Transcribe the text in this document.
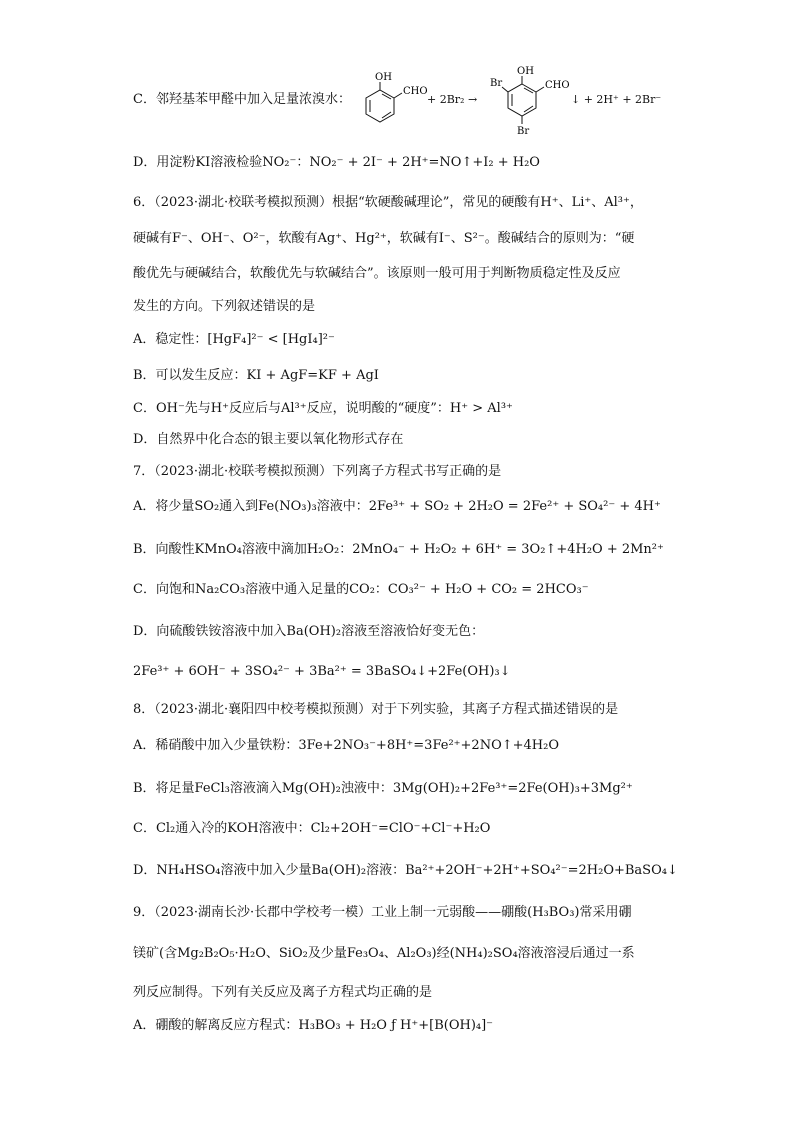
C．邻羟基苯甲醛中加入足量浓溴水：
OH
CHO
+ 2Br₂ →
OH
CHO
Br
Br
↓ + 2H⁺ + 2Br⁻
D．用淀粉KI溶液检验NO₂⁻：NO₂⁻ + 2I⁻ + 2H⁺=NO↑+I₂ + H₂O
6．（2023·湖北·校联考模拟预测）根据“软硬酸碱理论”，常见的硬酸有H⁺、Li⁺、Al³⁺，
硬碱有F⁻、OH⁻、O²⁻，软酸有Ag⁺、Hg²⁺，软碱有I⁻、S²⁻。酸碱结合的原则为：“硬
酸优先与硬碱结合，软酸优先与软碱结合”。该原则一般可用于判断物质稳定性及反应
发生的方向。下列叙述错误的是
A．稳定性：[HgF₄]²⁻ < [HgI₄]²⁻
B．可以发生反应：KI + AgF=KF + AgI
C．OH⁻先与H⁺反应后与Al³⁺反应，说明酸的“硬度”：H⁺ > Al³⁺
D．自然界中化合态的银主要以氧化物形式存在
7．（2023·湖北·校联考模拟预测）下列离子方程式书写正确的是
A．将少量SO₂通入到Fe(NO₃)₃溶液中：2Fe³⁺ + SO₂ + 2H₂O = 2Fe²⁺ + SO₄²⁻ + 4H⁺
B．向酸性KMnO₄溶液中滴加H₂O₂：2MnO₄⁻ + H₂O₂ + 6H⁺ = 3O₂↑+4H₂O + 2Mn²⁺
C．向饱和Na₂CO₃溶液中通入足量的CO₂：CO₃²⁻ + H₂O + CO₂ = 2HCO₃⁻
D．向硫酸铁铵溶液中加入Ba(OH)₂溶液至溶液恰好变无色：
2Fe³⁺ + 6OH⁻ + 3SO₄²⁻ + 3Ba²⁺ = 3BaSO₄↓+2Fe(OH)₃↓
8．（2023·湖北·襄阳四中校考模拟预测）对于下列实验，其离子方程式描述错误的是
A．稀硝酸中加入少量铁粉：3Fe+2NO₃⁻+8H⁺=3Fe²⁺+2NO↑+4H₂O
B．将足量FeCl₃溶液滴入Mg(OH)₂浊液中：3Mg(OH)₂+2Fe³⁺=2Fe(OH)₃+3Mg²⁺
C．Cl₂通入冷的KOH溶液中：Cl₂+2OH⁻=ClO⁻+Cl⁻+H₂O
D．NH₄HSO₄溶液中加入少量Ba(OH)₂溶液：Ba²⁺+2OH⁻+2H⁺+SO₄²⁻=2H₂O+BaSO₄↓
9．（2023·湖南长沙·长郡中学校考一模）工业上制一元弱酸——硼酸(H₃BO₃)常采用硼
镁矿(含Mg₂B₂O₅·H₂O、SiO₂及少量Fe₃O₄、Al₂O₃)经(NH₄)₂SO₄溶液溶浸后通过一系
列反应制得。下列有关反应及离子方程式均正确的是
A．硼酸的解离反应方程式：H₃BO₃ + H₂O ƒ H⁺+[B(OH)₄]⁻
